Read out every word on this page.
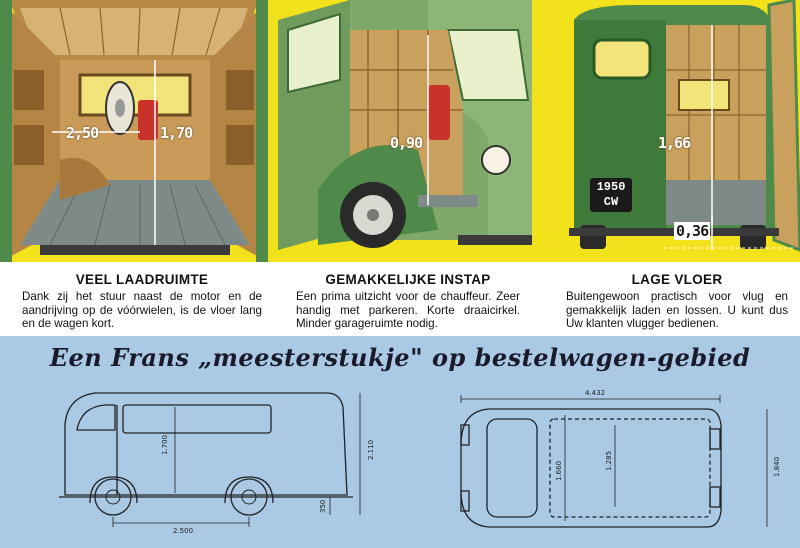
2,50	1,70
0,90	1,66
0,36
1950
CW
VEEL LAADRUIMTE

Dank zij het stuur naast de motor en de aandrijving op de vóórwielen, is de vloer lang en de wagen kort.

GEMAKKELIJKE INSTAP

Een prima uitzicht voor de chauffeur. Zeer handig met parkeren. Korte draaicirkel. Minder garageruimte nodig.

LAGE VLOER

Buitengewoon practisch voor vlug en gemakkelijk laden en lossen. U kunt dus Uw klanten vlugger bedienen.

Een Frans „meesterstukje" op bestelwagen-gebied
1.700	2.110
350
2.500
4.432
1.285
1.660	1.840
